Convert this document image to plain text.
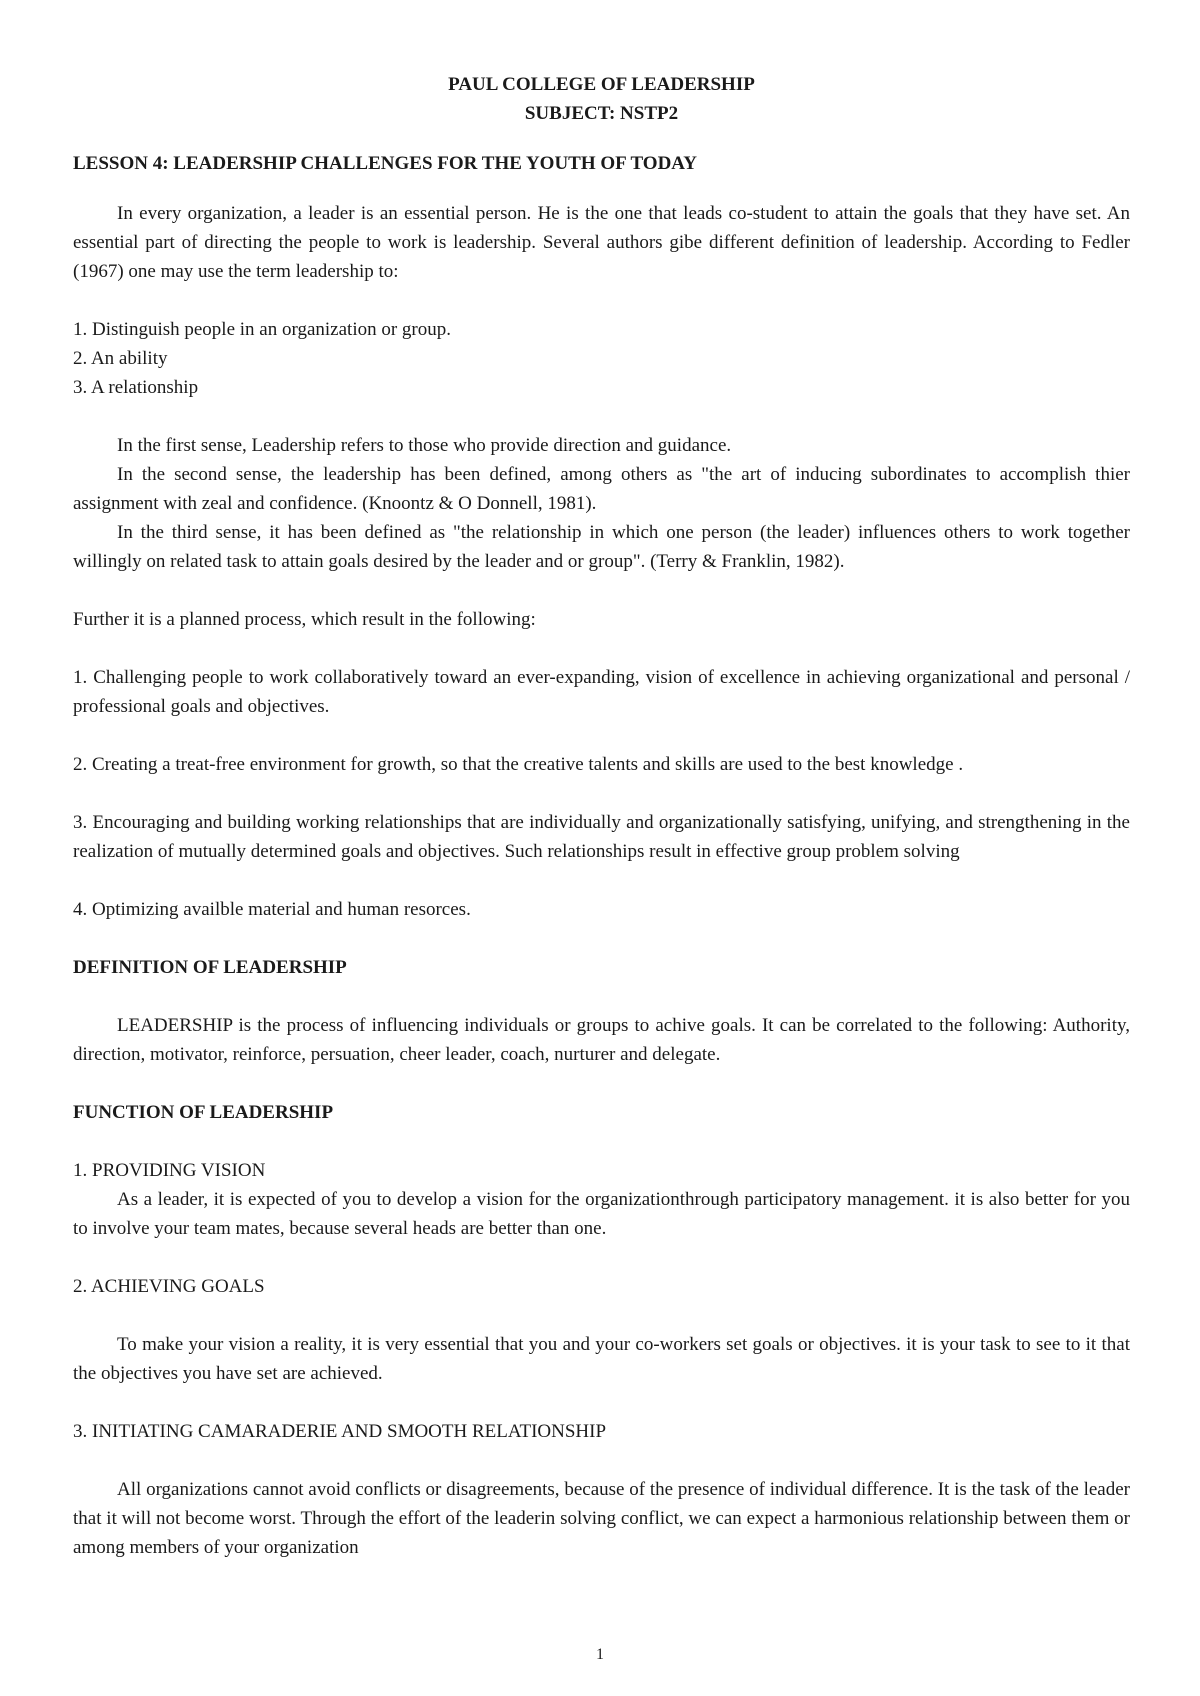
PAUL COLLEGE OF LEADERSHIP

SUBJECT: NSTP2

LESSON 4: LEADERSHIP CHALLENGES FOR THE YOUTH OF TODAY

In every organization, a leader is an essential person. He is the one that leads co-student to attain the goals that they have set. An essential part of directing the people to work is leadership. Several authors gibe different definition of leadership. According to Fedler (1967) one may use the term leadership to:

1. Distinguish people in an organization or group.

2. An ability

3. A relationship

In the first sense, Leadership refers to those who provide direction and guidance.

In the second sense, the leadership has been defined, among others as "the art of inducing subordinates to accomplish thier assignment with zeal and confidence. (Knoontz & O Donnell, 1981).

In the third sense, it has been defined as "the relationship in which one person (the leader) influences others to work together willingly on related task to attain goals desired by the leader and or group". (Terry & Franklin, 1982).

Further it is a planned process, which result in the following:

1. Challenging people to work collaboratively toward an ever-expanding, vision of excellence in achieving organizational and personal / professional goals and objectives.

2. Creating a treat-free environment for growth, so that the creative talents and skills are used to the best knowledge .

3. Encouraging and building working relationships that are individually and organizationally satisfying, unifying, and strengthening in the realization of mutually determined goals and objectives. Such relationships result in effective group problem solving

4. Optimizing availble material and human resorces.

DEFINITION OF LEADERSHIP

LEADERSHIP is the process of influencing individuals or groups to achive goals. It can be correlated to the following: Authority, direction, motivator, reinforce, persuation, cheer leader, coach, nurturer and delegate.

FUNCTION OF LEADERSHIP

1. PROVIDING VISION

As a leader, it is expected of you to develop a vision for the organizationthrough participatory management. it is also better for you to involve your team mates, because several heads are better than one.

2. ACHIEVING GOALS

To make your vision a reality, it is very essential that you and your co-workers set goals or objectives. it is your task to see to it that the objectives you have set are achieved.

3. INITIATING CAMARADERIE AND SMOOTH RELATIONSHIP

All organizations cannot avoid conflicts or disagreements, because of the presence of individual difference. It is the task of the leader that it will not become worst. Through the effort of the leaderin solving conflict, we can expect a harmonious relationship between them or among members of your organization

1
